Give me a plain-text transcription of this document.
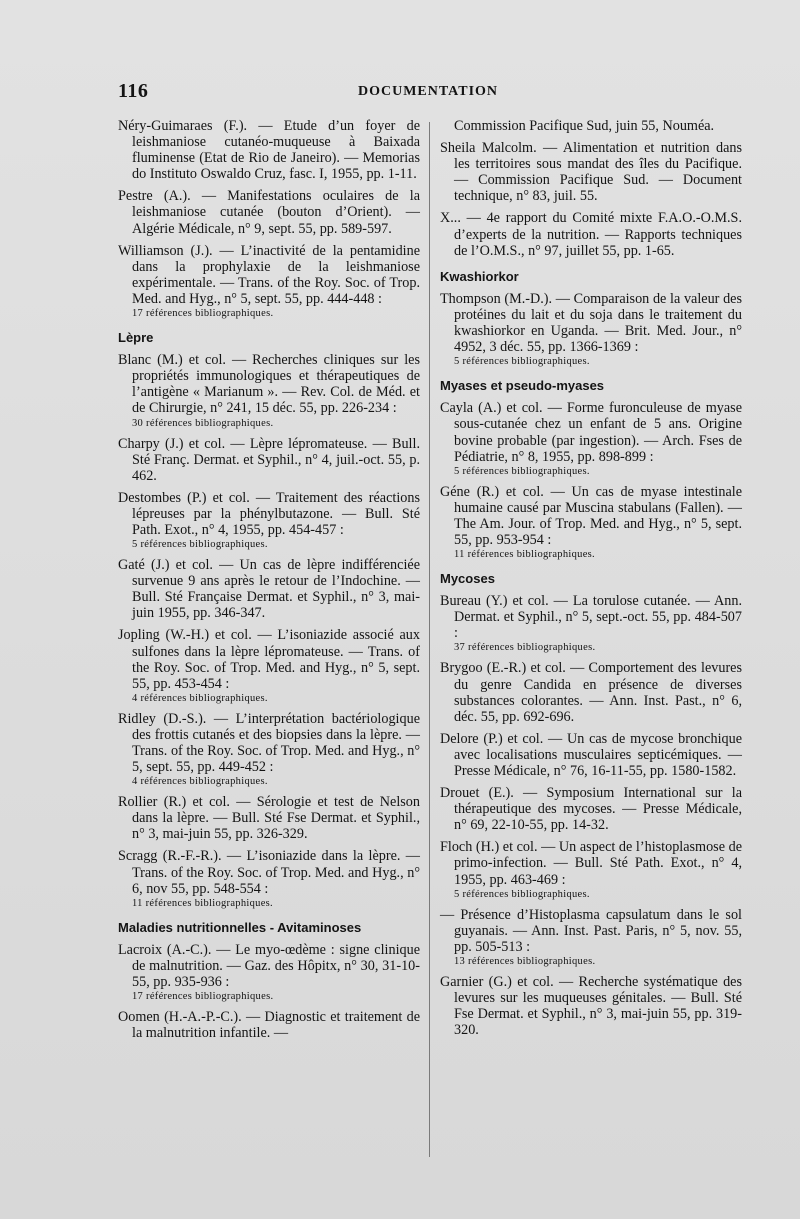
116	DOCUMENTATION
Néry-Guimaraes (F.). — Etude d’un foyer de leishmaniose cutanéo-muqueuse à Baixada fluminense (Etat de Rio de Janeiro). — Memorias do Instituto Oswaldo Cruz, fasc. I, 1955, pp. 1-11.
Pestre (A.). — Manifestations oculaires de la leishmaniose cutanée (bouton d’Orient). — Algérie Médicale, n° 9, sept. 55, pp. 589-597.
Williamson (J.). — L’inactivité de la pentamidine dans la prophylaxie de la leishmaniose expérimentale. — Trans. of the Roy. Soc. of Trop. Med. and Hyg., n° 5, sept. 55, pp. 444-448 :
17 références bibliographiques.
Lèpre
Blanc (M.) et col. — Recherches cliniques sur les propriétés immunologiques et thérapeutiques de l’antigène « Marianum ». — Rev. Col. de Méd. et de Chirurgie, n° 241, 15 déc. 55, pp. 226-234 :
30 références bibliographiques.
Charpy (J.) et col. — Lèpre lépromateuse. — Bull. Sté Franç. Dermat. et Syphil., n° 4, juil.-oct. 55, p. 462.
Destombes (P.) et col. — Traitement des réactions lépreuses par la phénylbutazone. — Bull. Sté Path. Exot., n° 4, 1955, pp. 454-457 :
5 références bibliographiques.
Gaté (J.) et col. — Un cas de lèpre indifférenciée survenue 9 ans après le retour de l’Indochine. — Bull. Sté Française Dermat. et Syphil., n° 3, mai-juin 1955, pp. 346-347.
Jopling (W.-H.) et col. — L’isoniazide associé aux sulfones dans la lèpre lépromateuse. — Trans. of the Roy. Soc. of Trop. Med. and Hyg., n° 5, sept. 55, pp. 453-454 :
4 références bibliographiques.
Ridley (D.-S.). — L’interprétation bactériologique des frottis cutanés et des biopsies dans la lèpre. — Trans. of the Roy. Soc. of Trop. Med. and Hyg., n° 5, sept. 55, pp. 449-452 :
4 références bibliographiques.
Rollier (R.) et col. — Sérologie et test de Nelson dans la lèpre. — Bull. Sté Fse Dermat. et Syphil., n° 3, mai-juin 55, pp. 326-329.
Scragg (R.-F.-R.). — L’isoniazide dans la lèpre. — Trans. of the Roy. Soc. of Trop. Med. and Hyg., n° 6, nov 55, pp. 548-554 :
11 références bibliographiques.
Maladies nutritionnelles - Avitaminoses
Lacroix (A.-C.). — Le myo-œdème : signe clinique de malnutrition. — Gaz. des Hôpitx, n° 30, 31-10-55, pp. 935-936 :
17 références bibliographiques.
Oomen (H.-A.-P.-C.). — Diagnostic et traitement de la malnutrition infantile. —
Commission Pacifique Sud, juin 55, Nouméa.
Sheila Malcolm. — Alimentation et nutrition dans les territoires sous mandat des îles du Pacifique. — Commission Pacifique Sud. — Document technique, n° 83, juil. 55.
X... — 4e rapport du Comité mixte F.A.O.-O.M.S. d’experts de la nutrition. — Rapports techniques de l’O.M.S., n° 97, juillet 55, pp. 1-65.
Kwashiorkor
Thompson (M.-D.). — Comparaison de la valeur des protéines du lait et du soja dans le traitement du kwashiorkor en Uganda. — Brit. Med. Jour., n° 4952, 3 déc. 55, pp. 1366-1369 :
5 références bibliographiques.
Myases et pseudo-myases
Cayla (A.) et col. — Forme furonculeuse de myase sous-cutanée chez un enfant de 5 ans. Origine bovine probable (par ingestion). — Arch. Fses de Pédiatrie, n° 8, 1955, pp. 898-899 :
5 références bibliographiques.
Géne (R.) et col. — Un cas de myase intestinale humaine causé par Muscina stabulans (Fallen). — The Am. Jour. of Trop. Med. and Hyg., n° 5, sept. 55, pp. 953-954 :
11 références bibliographiques.
Mycoses
Bureau (Y.) et col. — La torulose cutanée. — Ann. Dermat. et Syphil., n° 5, sept.-oct. 55, pp. 484-507 :
37 références bibliographiques.
Brygoo (E.-R.) et col. — Comportement des levures du genre Candida en présence de diverses substances colorantes. — Ann. Inst. Past., n° 6, déc. 55, pp. 692-696.
Delore (P.) et col. — Un cas de mycose bronchique avec localisations musculaires septicémiques. — Presse Médicale, n° 76, 16-11-55, pp. 1580-1582.
Drouet (E.). — Symposium International sur la thérapeutique des mycoses. — Presse Médicale, n° 69, 22-10-55, pp. 14-32.
Floch (H.) et col. — Un aspect de l’histoplasmose de primo-infection. — Bull. Sté Path. Exot., n° 4, 1955, pp. 463-469 :
5 références bibliographiques.
— Présence d’Histoplasma capsulatum dans le sol guyanais. — Ann. Inst. Past. Paris, n° 5, nov. 55, pp. 505-513 :
13 références bibliographiques.
Garnier (G.) et col. — Recherche systématique des levures sur les muqueuses génitales. — Bull. Sté Fse Dermat. et Syphil., n° 3, mai-juin 55, pp. 319-320.
